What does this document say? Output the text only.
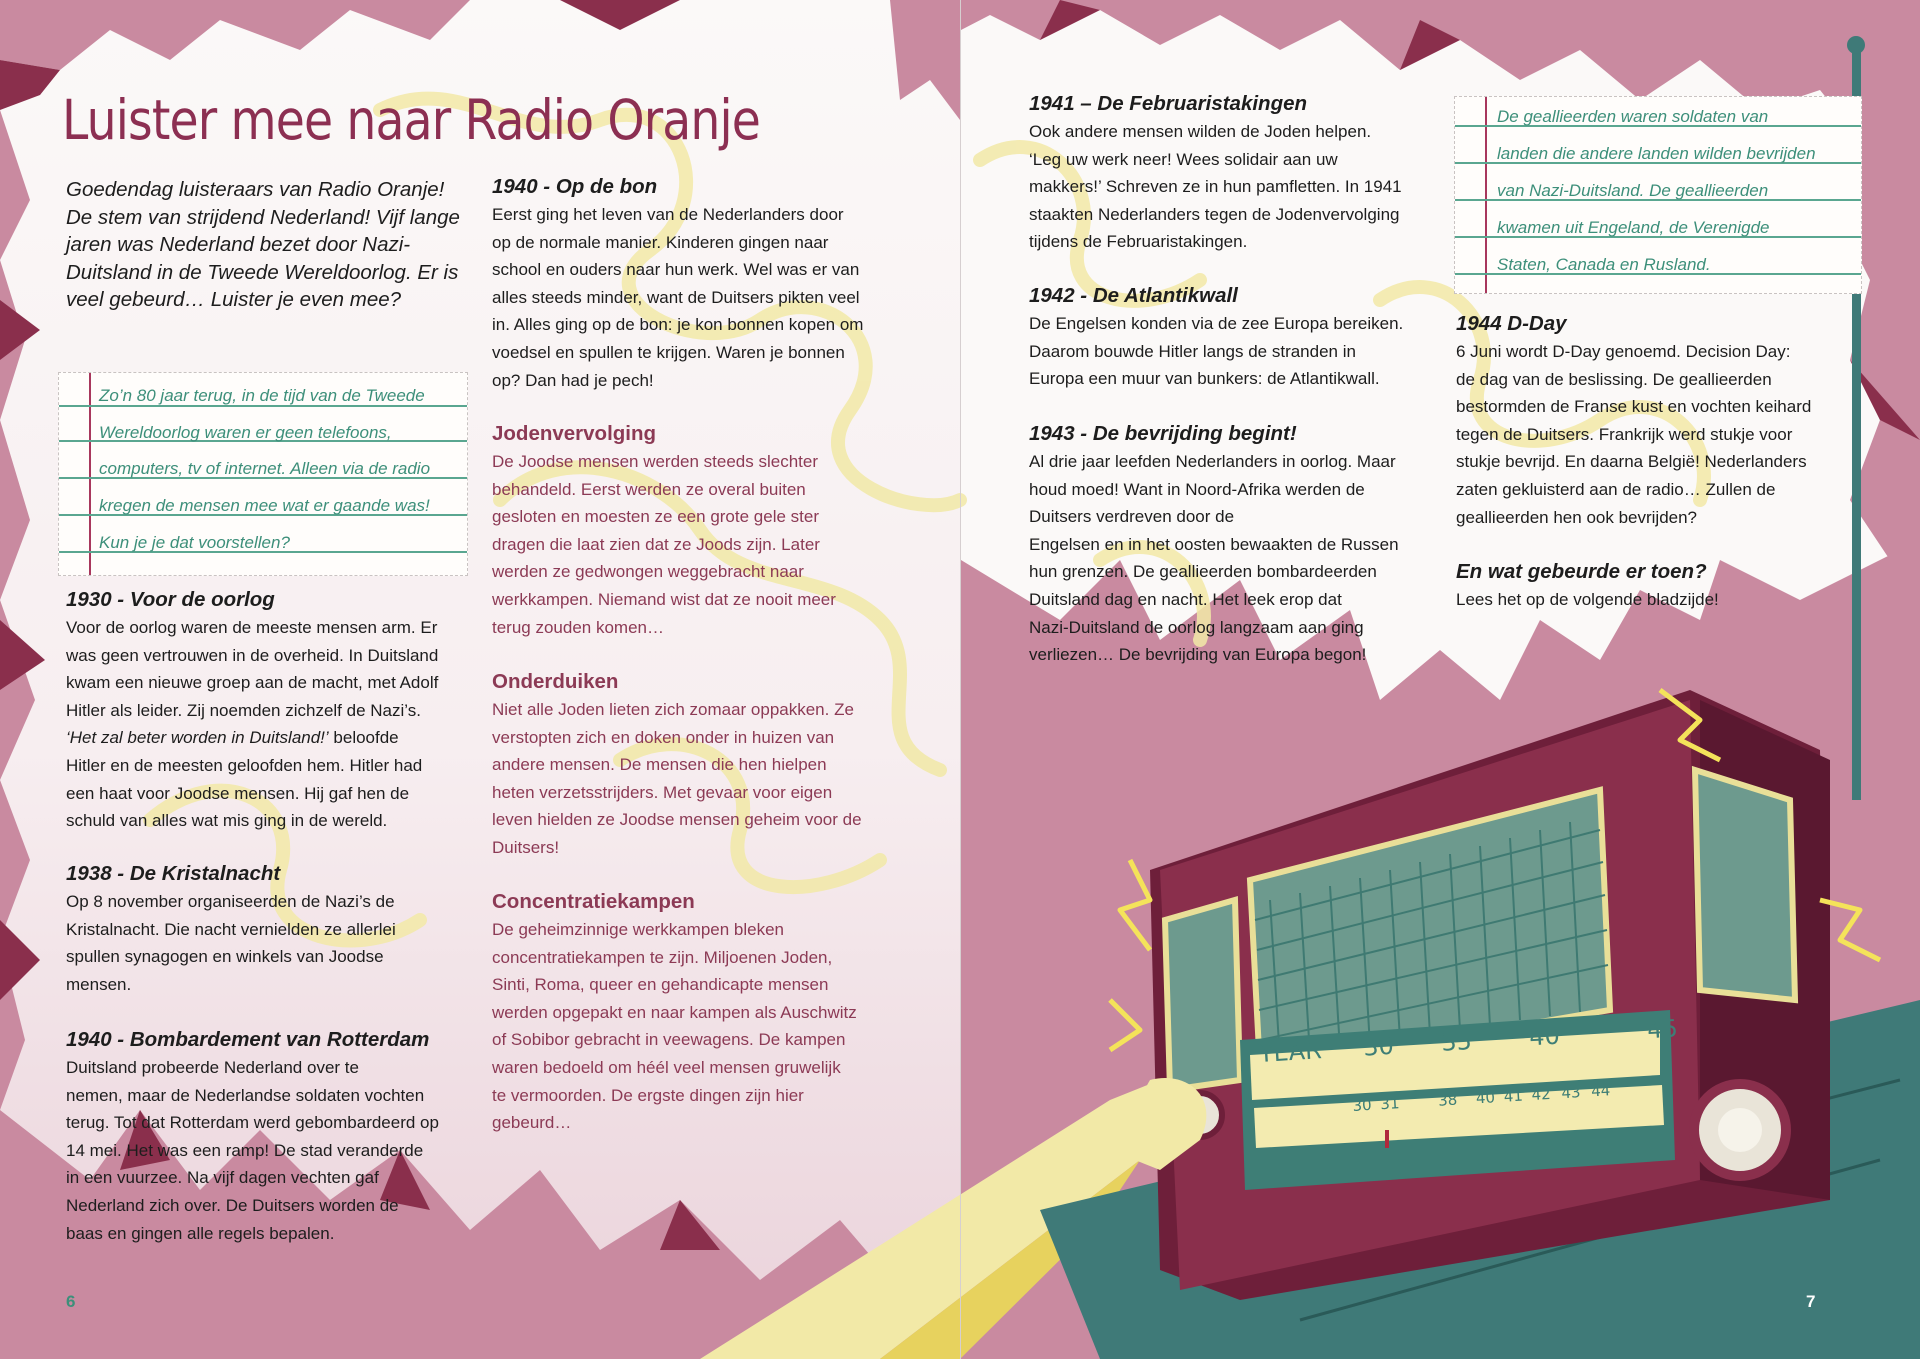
Luister mee naar Radio Oranje
Goedendag luisteraars van Radio Oranje! De stem van strijdend Nederland! Vijf lange jaren was Nederland bezet door Nazi-Duitsland in de Tweede Wereldoorlog. Er is veel gebeurd… Luister je even mee?
Zo’n 80 jaar terug, in de tijd van de Tweede
Wereldoorlog waren er geen telefoons,
computers, tv of internet. Alleen via de radio
kregen de mensen mee wat er gaande was!
Kun je je dat voorstellen?
1930 - Voor de oorlog

Voor de oorlog waren de meeste mensen arm. Er
was geen vertrouwen in de overheid. In Duitsland
kwam een nieuwe groep aan de macht, met Adolf
Hitler als leider. Zij noemden zichzelf de Nazi’s.
‘Het zal beter worden in Duitsland!’ beloofde
Hitler en de meesten geloofden hem. Hitler had
een haat voor Joodse mensen. Hij gaf hen de
schuld van alles wat mis ging in de wereld.

1938 - De Kristalnacht

Op 8 november organiseerden de Nazi’s de
Kristalnacht. Die nacht vernielden ze allerlei
spullen synagogen en winkels van Joodse
mensen.

1940 - Bombardement van Rotterdam

Duitsland probeerde Nederland over te
nemen, maar de Nederlandse soldaten vochten
terug. Tot dat Rotterdam werd gebombardeerd op
14 mei. Het was een ramp! De stad veranderde
in een vuurzee. Na vijf dagen vechten gaf
Nederland zich over. De Duitsers worden de
baas en gingen alle regels bepalen.

1940 - Op de bon

Eerst ging het leven van de Nederlanders door
op de normale manier. Kinderen gingen naar
school en ouders naar hun werk. Wel was er van
alles steeds minder, want de Duitsers pikten veel
in. Alles ging op de bon: je kon bonnen kopen om
voedsel en spullen te krijgen. Waren je bonnen
op? Dan had je pech!

Jodenvervolging

De Joodse mensen werden steeds slechter
behandeld. Eerst werden ze overal buiten
gesloten en moesten ze een grote gele ster
dragen die laat zien dat ze Joods zijn. Later
werden ze gedwongen weggebracht naar
werkkampen. Niemand wist dat ze nooit meer
terug zouden komen…

Onderduiken

Niet alle Joden lieten zich zomaar oppakken. Ze
verstopten zich en doken onder in huizen van
andere mensen. De mensen die hen hielpen
heten verzetsstrijders. Met gevaar voor eigen
leven hielden ze Joodse mensen geheim voor de
Duitsers!

Concentratiekampen

De geheimzinnige werkkampen bleken
concentratiekampen te zijn. Miljoenen Joden,
Sinti, Roma, queer en gehandicapte mensen
werden opgepakt en naar kampen als Auschwitz
of Sobibor gebracht in veewagens. De kampen
waren bedoeld om héél veel mensen gruwelijk
te vermoorden. De ergste dingen zijn hier
gebeurd…

6
1941 – De Februaristakingen

Ook andere mensen wilden de Joden helpen.
‘Leg uw werk neer! Wees solidair aan uw
makkers!’ Schreven ze in hun pamfletten. In 1941
staakten Nederlanders tegen de Jodenvervolging
tijdens de Februaristakingen.

1942 - De Atlantikwall

De Engelsen konden via de zee Europa bereiken.
Daarom bouwde Hitler langs de stranden in
Europa een muur van bunkers: de Atlantikwall.

1943 - De bevrijding begint!

Al drie jaar leefden Nederlanders in oorlog. Maar
houd moed! Want in Noord-Afrika werden de
Duitsers verdreven door de
Engelsen en in het oosten bewaakten de Russen
hun grenzen. De geallieerden bombardeerden
Duitsland dag en nacht. Het leek erop dat
Nazi-Duitsland de oorlog langzaam aan ging
verliezen… De bevrijding van Europa begon!

De geallieerden waren soldaten van
landen die andere landen wilden bevrijden
van Nazi-Duitsland. De geallieerden
kwamen uit Engeland, de Verenigde
Staten, Canada en Rusland.
1944 D-Day

6 Juni wordt D-Day genoemd. Decision Day:
de dag van de beslissing. De geallieerden
bestormden de Franse kust en vochten keihard
tegen de Duitsers. Frankrijk werd stukje voor
stukje bevrijd. En daarna België! Nederlanders
zaten gekluisterd aan de radio… Zullen de
geallieerden hen ook bevrijden?

En wat gebeurde er toen?

Lees het op de volgende bladzijde!

YEAR 30 35 40	45
30 31	38 40 41 42 43 44
7
